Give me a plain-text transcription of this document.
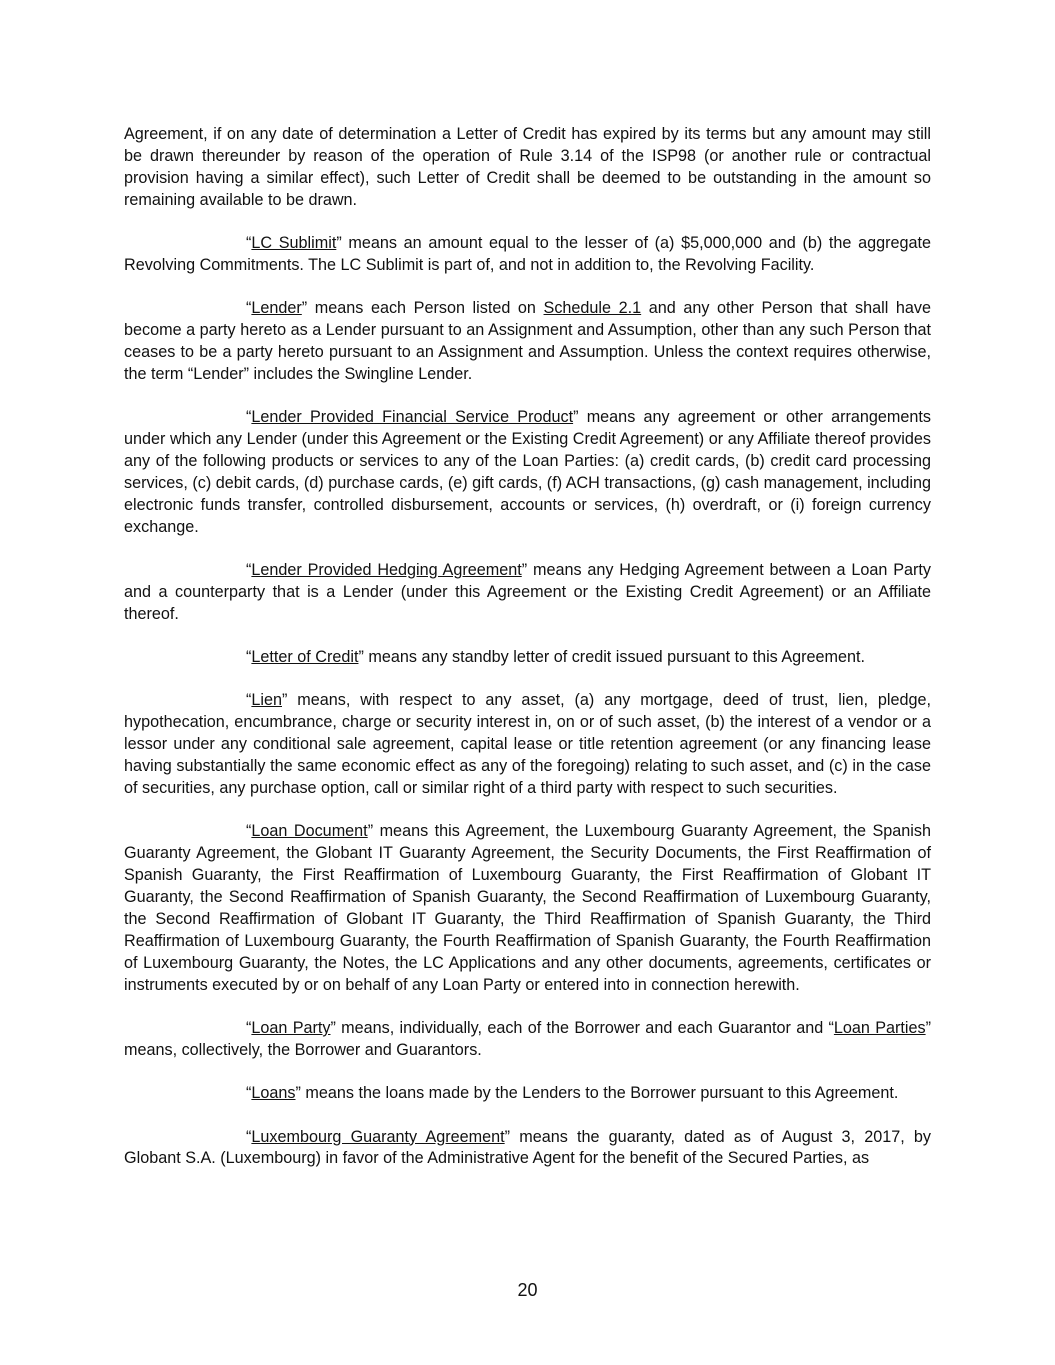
Agreement, if on any date of determination a Letter of Credit has expired by its terms but any amount may still be drawn thereunder by reason of the operation of Rule 3.14 of the ISP98 (or another rule or contractual provision having a similar effect), such Letter of Credit shall be deemed to be outstanding in the amount so remaining available to be drawn.

“LC Sublimit” means an amount equal to the lesser of (a) $5,000,000 and (b) the aggregate Revolving Commitments. The LC Sublimit is part of, and not in addition to, the Revolving Facility.

“Lender” means each Person listed on Schedule 2.1 and any other Person that shall have become a party hereto as a Lender pursuant to an Assignment and Assumption, other than any such Person that ceases to be a party hereto pursuant to an Assignment and Assumption. Unless the context requires otherwise, the term “Lender” includes the Swingline Lender.

“Lender Provided Financial Service Product” means any agreement or other arrangements under which any Lender (under this Agreement or the Existing Credit Agreement) or any Affiliate thereof provides any of the following products or services to any of the Loan Parties: (a) credit cards, (b) credit card processing services, (c) debit cards, (d) purchase cards, (e) gift cards, (f) ACH transactions, (g) cash management, including electronic funds transfer, controlled disbursement, accounts or services, (h) overdraft, or (i) foreign currency exchange.

“Lender Provided Hedging Agreement” means any Hedging Agreement between a Loan Party and a counterparty that is a Lender (under this Agreement or the Existing Credit Agreement) or an Affiliate thereof.

“Letter of Credit” means any standby letter of credit issued pursuant to this Agreement.

“Lien” means, with respect to any asset, (a) any mortgage, deed of trust, lien, pledge, hypothecation, encumbrance, charge or security interest in, on or of such asset, (b) the interest of a vendor or a lessor under any conditional sale agreement, capital lease or title retention agreement (or any financing lease having substantially the same economic effect as any of the foregoing) relating to such asset, and (c) in the case of securities, any purchase option, call or similar right of a third party with respect to such securities.

“Loan Document” means this Agreement, the Luxembourg Guaranty Agreement, the Spanish Guaranty Agreement, the Globant IT Guaranty Agreement, the Security Documents, the First Reaffirmation of Spanish Guaranty, the First Reaffirmation of Luxembourg Guaranty, the First Reaffirmation of Globant IT Guaranty, the Second Reaffirmation of Spanish Guaranty, the Second Reaffirmation of Luxembourg Guaranty, the Second Reaffirmation of Globant IT Guaranty, the Third Reaffirmation of Spanish Guaranty, the Third Reaffirmation of Luxembourg Guaranty, the Fourth Reaffirmation of Spanish Guaranty, the Fourth Reaffirmation of Luxembourg Guaranty, the Notes, the LC Applications and any other documents, agreements, certificates or instruments executed by or on behalf of any Loan Party or entered into in connection herewith.

“Loan Party” means, individually, each of the Borrower and each Guarantor and “Loan Parties” means, collectively, the Borrower and Guarantors.

“Loans” means the loans made by the Lenders to the Borrower pursuant to this Agreement.

“Luxembourg Guaranty Agreement” means the guaranty, dated as of August 3, 2017, by Globant S.A. (Luxembourg) in favor of the Administrative Agent for the benefit of the Secured Parties, as

20
